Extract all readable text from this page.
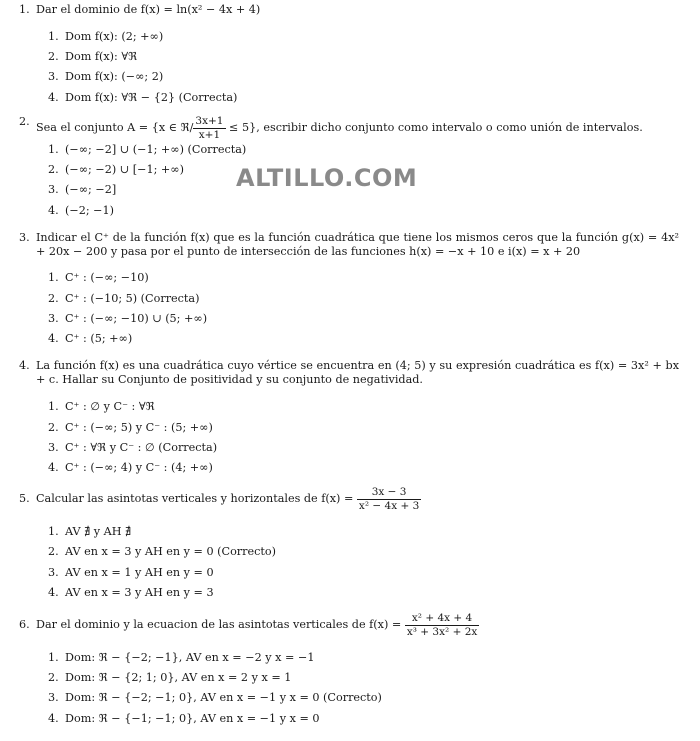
1. Dar el dominio de f(x) = ln(x² − 4x + 4)
1. Dom f(x): (2; +∞)
2. Dom f(x): ∀ℜ
3. Dom f(x): (−∞; 2)
4. Dom f(x): ∀ℜ − {2} (Correcta)
2. Sea el conjunto A = {x ∈ ℜ/ $\frac{3x+1}{x+1} \le 5$}, escribir dicho conjunto como intervalo o como unión de intervalos.
1. (−∞; −2] ∪ (−1; +∞) (Correcta)
2. (−∞; −2) ∪ [−1; +∞)
3. (−∞; −2]
4. (−2; −1)
ALTILLO.COM
3. Indicar el C⁺ de la función f(x) que es la función cuadrática que tiene los mismos ceros que la función g(x) = 4x² + 20x − 200 y pasa por el punto de intersección de las funciones h(x) = −x + 10 e i(x) = x + 20
1. C⁺ : (−∞; −10)
2. C⁺ : (−10; 5) (Correcta)
3. C⁺ : (−∞; −10) ∪ (5; +∞)
4. C⁺ : (5; +∞)
4. La función f(x) es una cuadrática cuyo vértice se encuentra en (4; 5) y su expresión cuadrática es f(x) = 3x² + bx + c. Hallar su Conjunto de positividad y su conjunto de negatividad.
1. C⁺ : ∅ y C⁻ : ∀ℜ
2. C⁺ : (−∞; 5) y C⁻ : (5; +∞)
3. C⁺ : ∀ℜ y C⁻ : ∅ (Correcta)
4. C⁺ : (−∞; 4) y C⁻ : (4; +∞)
5. Calcular las asintotas verticales y horizontales de $f(x) = \frac{3x - 3}{\text{x² − 4x + 3}}$
1. AV ∄ y AH ∄
2. AV en x = 3 y AH en y = 0 (Correcto)
3. AV en x = 1 y AH en y = 0
4. AV en x = 3 y AH en y = 3
6. Dar el dominio y la ecuacion de las asintotas verticales de $f(x) = \frac{\text{x² + 4x + 4}}{\text{x³ + 3x² + 2x}}$
1. Dom: ℜ − {−2; −1}, AV en x = −2 y x = −1
2. Dom: ℜ − {2; 1; 0}, AV en x = 2 y x = 1
3. Dom: ℜ − {−2; −1; 0}, AV en x = −1 y x = 0 (Correcto)
4. Dom: ℜ − {−1; −1; 0}, AV en x = −1 y x = 0
